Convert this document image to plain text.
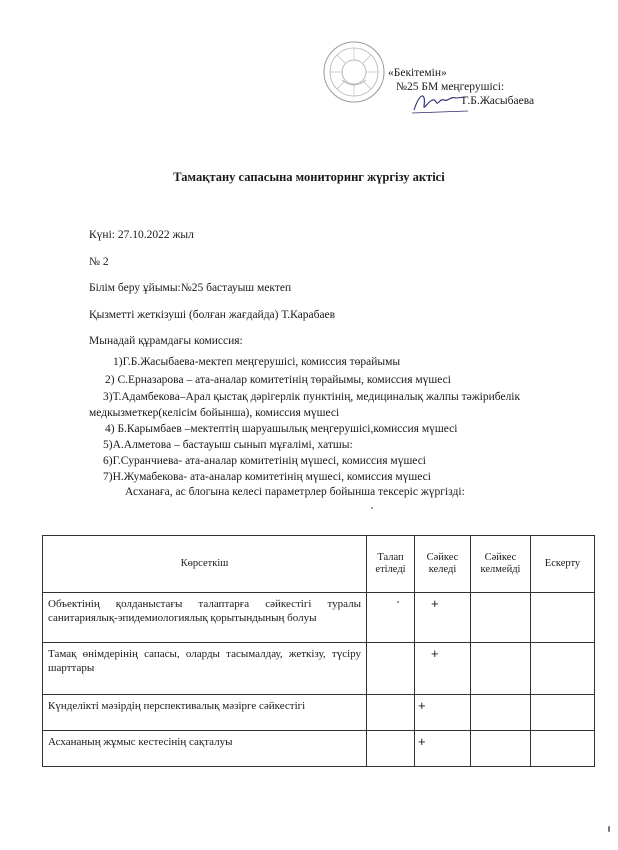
«Бекітемін»
№25 БМ меңгерушісі:
Г.Б.Жасыбаева
Тамақтану сапасына мониторинг жүргізу актісі
Күні: 27.10.2022 жыл
№ 2
Білім беру ұйымы:№25 бастауыш мектеп
Қызметті жеткізуші (болған жағдайда) Т.Карабаев
Мынадай құрамдағы комиссия:
1)Г.Б.Жасыбаева-мектеп меңгерушісі, комиссия төрайымы
2) С.Ерназарова – ата-аналар комитетінің төрайымы, комиссия мүшесі
3)Т.Адамбекова–Арал қыстақ дәрігерлік пунктінің, медициналық жалпы тәжірибелік
медкызметкер(келісім бойынша), комиссия мүшесі
4) Б.Карымбаев –мектептің шаруашылық меңгерушісі,комиссия мүшесі
5)А.Алметова – бастауыш сынып мұғалімі, хатшы:
6)Г.Суранчиева- ата-аналар комитетінің мүшесі, комиссия мүшесі
7)Н.Жумабекова- ата-аналар комитетінің мүшесі, комиссия мүшесі
Асханаға, ас блогына келесі параметрлер бойынша тексеріс жүргізді:
Көрсеткіш	Талап етіледі	Сәйкес келеді	Сәйкес келмейді	Ескерту
Объектінің қолданыстағы талаптарға сәйкестігі туралы санитариялық-эпидемиологиялық қорытындының болуы		+		
Тамақ өнімдерінің сапасы, оларды тасымалдау, жеткізу, түсіру шарттары		+		
Күнделікті мәзірдің перспективалық мәзірге сәйкестігі		+		
Асхананың жұмыс кестесінің сақталуы		+		
